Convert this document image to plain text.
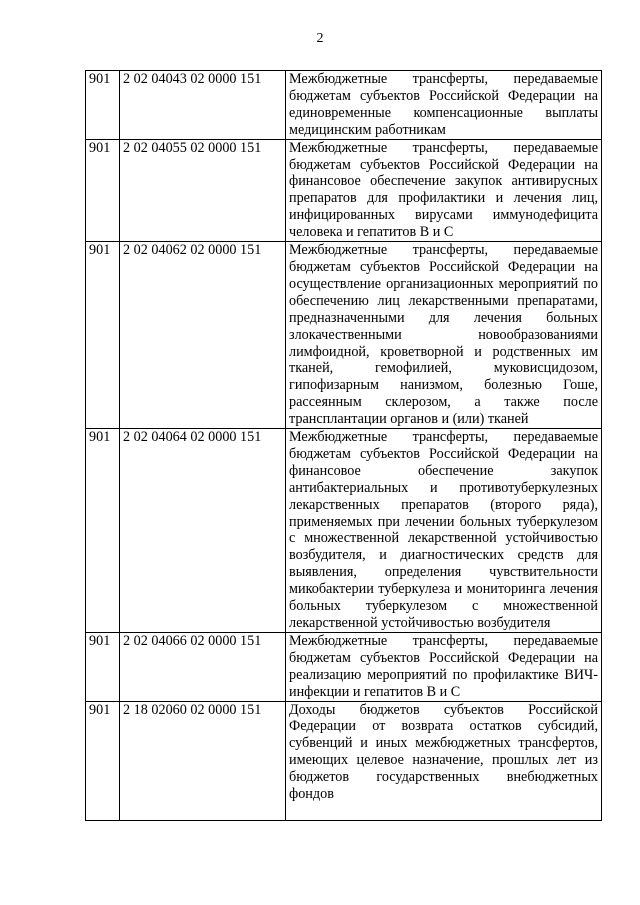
2
901	2 02 04043 02 0000 151	Межбюджетные трансферты, передаваемые бюджетам субъектов Российской Федерации на единовременные компенсационные выплаты медицинским работникам
901	2 02 04055 02 0000 151	Межбюджетные трансферты, передаваемые бюджетам субъектов Российской Федерации на финансовое обеспечение закупок антивирусных препаратов для профилактики и лечения лиц, инфицированных вирусами иммунодефицита человека и гепатитов В и С
901	2 02 04062 02 0000 151	Межбюджетные трансферты, передаваемые бюджетам субъектов Российской Федерации на осуществление организационных мероприятий по обеспечению лиц лекарственными препаратами, предназначенными для лечения больных злокачественными новообразованиями лимфоидной, кроветворной и родственных им тканей, гемофилией, муковисцидозом, гипофизарным нанизмом, болезнью Гоше, рассеянным склерозом, а также после трансплантации органов и (или) тканей
901	2 02 04064 02 0000 151	Межбюджетные трансферты, передаваемые бюджетам субъектов Российской Федерации на финансовое обеспечение закупок антибактериальных и противотуберкулезных лекарственных препаратов (второго ряда), применяемых при лечении больных туберкулезом с множественной лекарственной устойчивостью возбудителя, и диагностических средств для выявления, определения чувствительности микобактерии туберкулеза и мониторинга лечения больных туберкулезом с множественной лекарственной устойчивостью возбудителя
901	2 02 04066 02 0000 151	Межбюджетные трансферты, передаваемые бюджетам субъектов Российской Федерации на реализацию мероприятий по профилактике ВИЧ-инфекции и гепатитов В и С
901	2 18 02060 02 0000 151	Доходы бюджетов субъектов Российской Федерации от возврата остатков субсидий, субвенций и иных межбюджетных трансфертов, имеющих целевое назначение, прошлых лет из бюджетов государственных внебюджетных фондов
